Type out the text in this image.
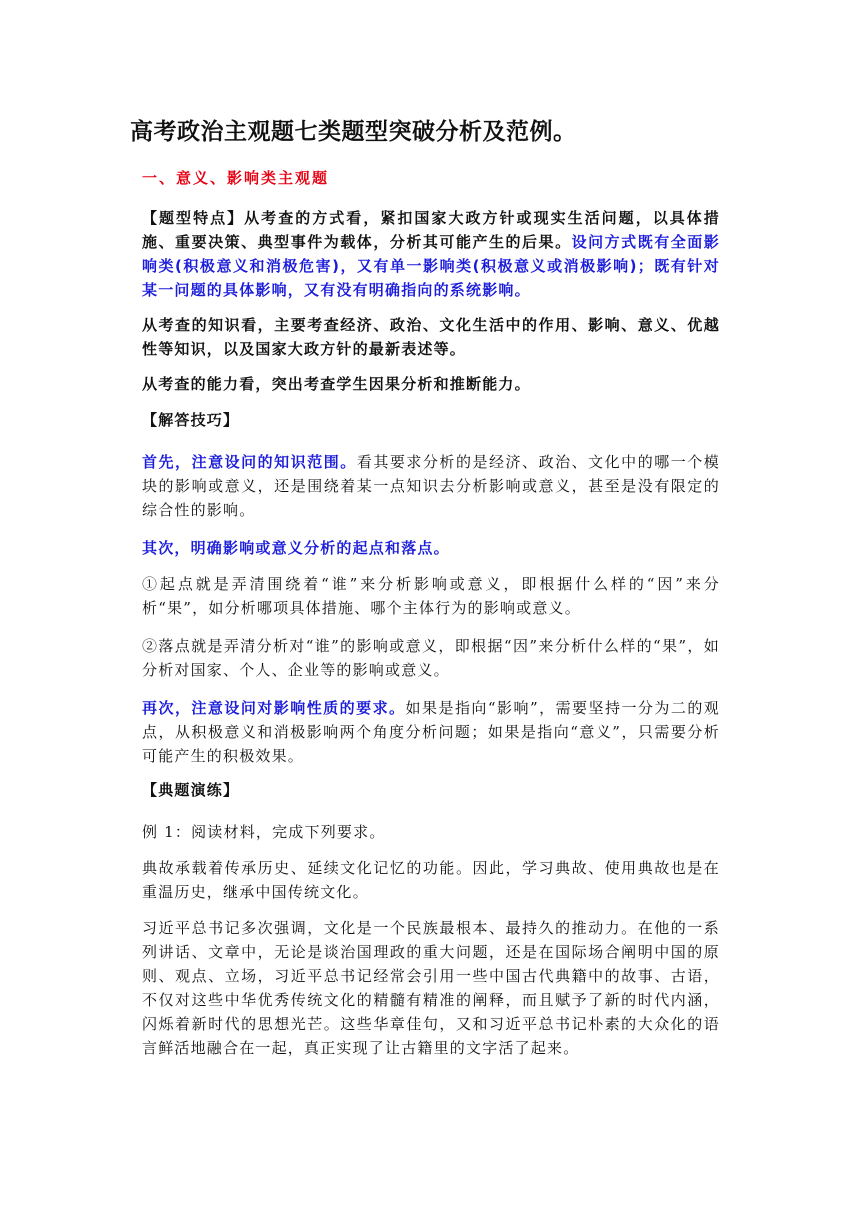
高考政治主观题七类题型突破分析及范例。

一、意义、影响类主观题

【题型特点】从考查的方式看，紧扣国家大政方针或现实生活问题，以具体措施、重要决策、典型事件为载体，分析其可能产生的后果。设问方式既有全面影响类(积极意义和消极危害)，又有单一影响类(积极意义或消极影响)；既有针对某一问题的具体影响，又有没有明确指向的系统影响。

从考查的知识看，主要考查经济、政治、文化生活中的作用、影响、意义、优越性等知识，以及国家大政方针的最新表述等。

从考查的能力看，突出考查学生因果分析和推断能力。

【解答技巧】

首先，注意设问的知识范围。看其要求分析的是经济、政治、文化中的哪一个模块的影响或意义，还是围绕着某一点知识去分析影响或意义，甚至是没有限定的综合性的影响。

其次，明确影响或意义分析的起点和落点。

①起点就是弄清围绕着“谁”来分析影响或意义，即根据什么样的“因”来分析“果”，如分析哪项具体措施、哪个主体行为的影响或意义。

②落点就是弄清分析对“谁”的影响或意义，即根据“因”来分析什么样的“果”，如分析对国家、个人、企业等的影响或意义。

再次，注意设问对影响性质的要求。如果是指向“影响”，需要坚持一分为二的观点，从积极意义和消极影响两个角度分析问题；如果是指向“意义”，只需要分析可能产生的积极效果。

【典题演练】

例 1：阅读材料，完成下列要求。

典故承载着传承历史、延续文化记忆的功能。因此，学习典故、使用典故也是在重温历史，继承中国传统文化。

习近平总书记多次强调，文化是一个民族最根本、最持久的推动力。在他的一系列讲话、文章中，无论是谈治国理政的重大问题，还是在国际场合阐明中国的原则、观点、立场，习近平总书记经常会引用一些中国古代典籍中的故事、古语，不仅对这些中华优秀传统文化的精髓有精准的阐释，而且赋予了新的时代内涵，闪烁着新时代的思想光芒。这些华章佳句，又和习近平总书记朴素的大众化的语言鲜活地融合在一起，真正实现了让古籍里的文字活了起来。
